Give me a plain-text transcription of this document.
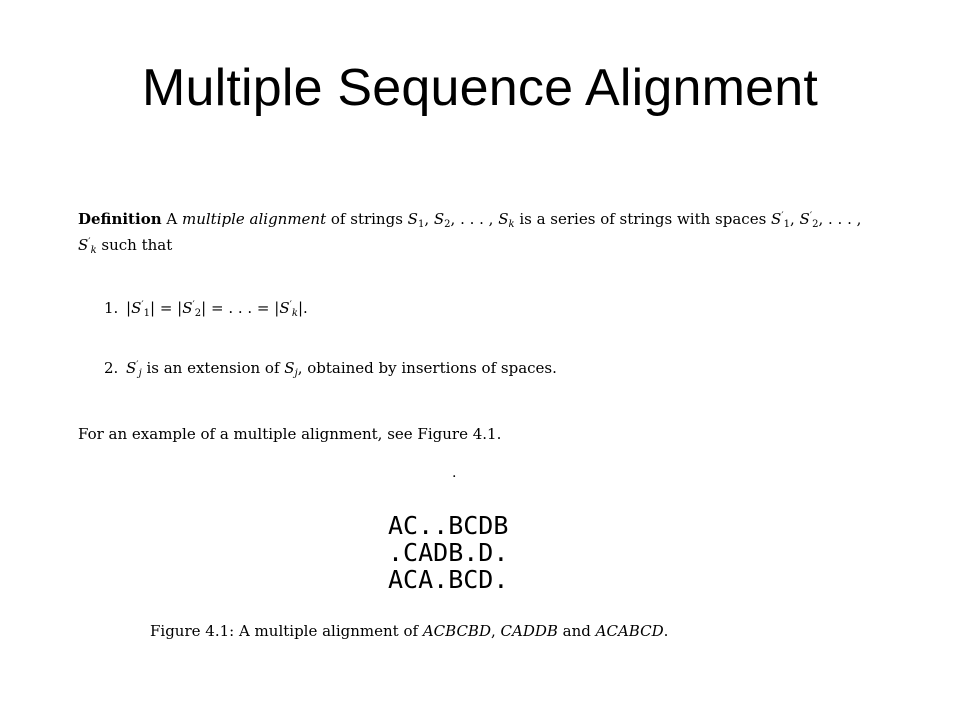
Multiple Sequence Alignment
Definition A multiple alignment of strings $S_1$, $S_2$, . . . , $S_k$ is a series of strings with spaces $S'_1$, $S'_2$, . . . , $S'_k$ such that
1. $|S'_1| = |S'_2|$ = . . . = $|S'_k|$.
2. $S'_j$ is an extension of $S_j$, obtained by insertions of spaces.
For an example of a multiple alignment, see Figure 4.1.
.
AC..BCDB
.CADB.D.
ACA.BCD.
Figure 4.1: A multiple alignment of ACBCBD, CADDB and ACABCD.
